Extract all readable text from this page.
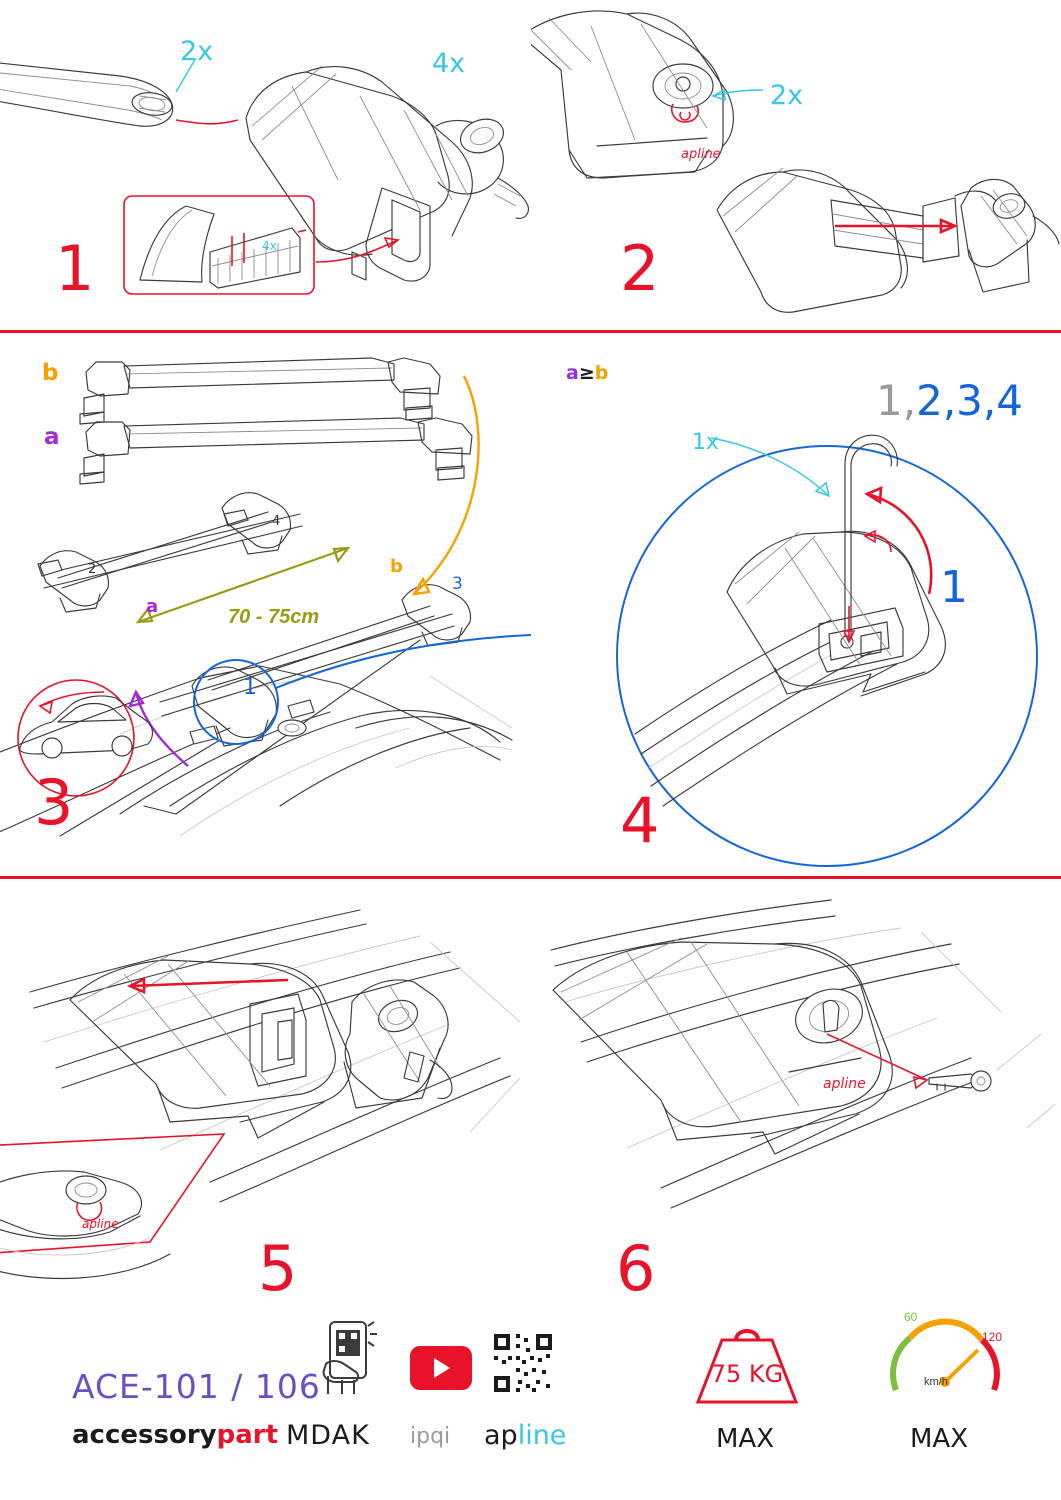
1
2x	4x
4x
apline
2
2x
3
b
a
a
b
70 - 75cm
2
4
3
1
4
a≥b
1,2,3,4
1x
1
apline
5
apline
6
ACE-101 / 106
accessorypart MDAK ipqi apline
75 KG
MAX
60
120
km/h
MAX
